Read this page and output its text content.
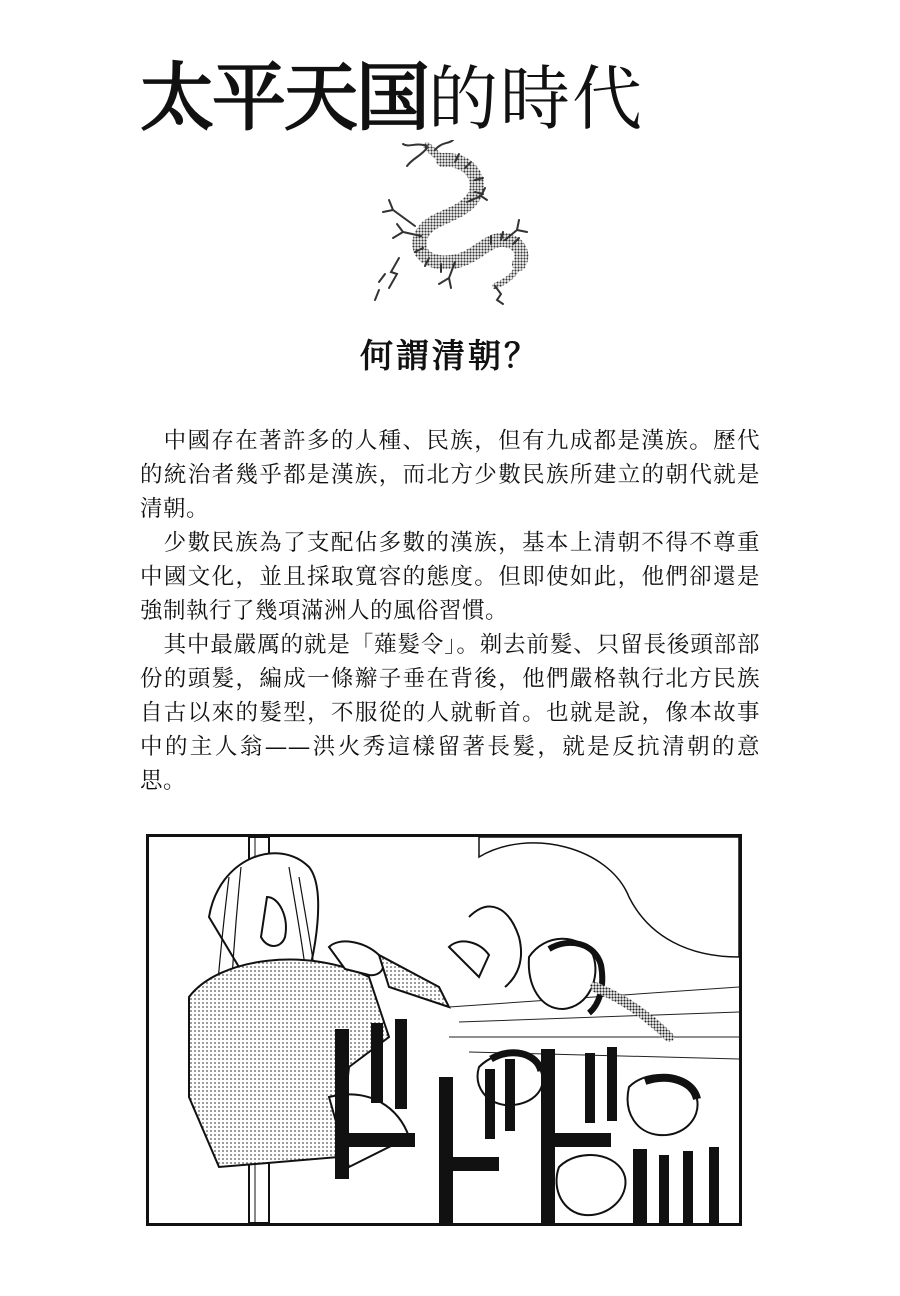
太平天国的時代
何謂清朝？

中國存在著許多的人種、民族，但有九成都是漢族。歷代的統治者幾乎都是漢族，而北方少數民族所建立的朝代就是清朝。

少數民族為了支配佔多數的漢族，基本上清朝不得不尊重中國文化，並且採取寬容的態度。但即使如此，他們卻還是強制執行了幾項滿洲人的風俗習慣。

其中最嚴厲的就是「薙髮令」。剃去前髮、只留長後頭部部份的頭髮，編成一條辮子垂在背後，他們嚴格執行北方民族自古以來的髮型，不服從的人就斬首。也就是說，像本故事中的主人翁——洪火秀這樣留著長髮，就是反抗清朝的意思。
